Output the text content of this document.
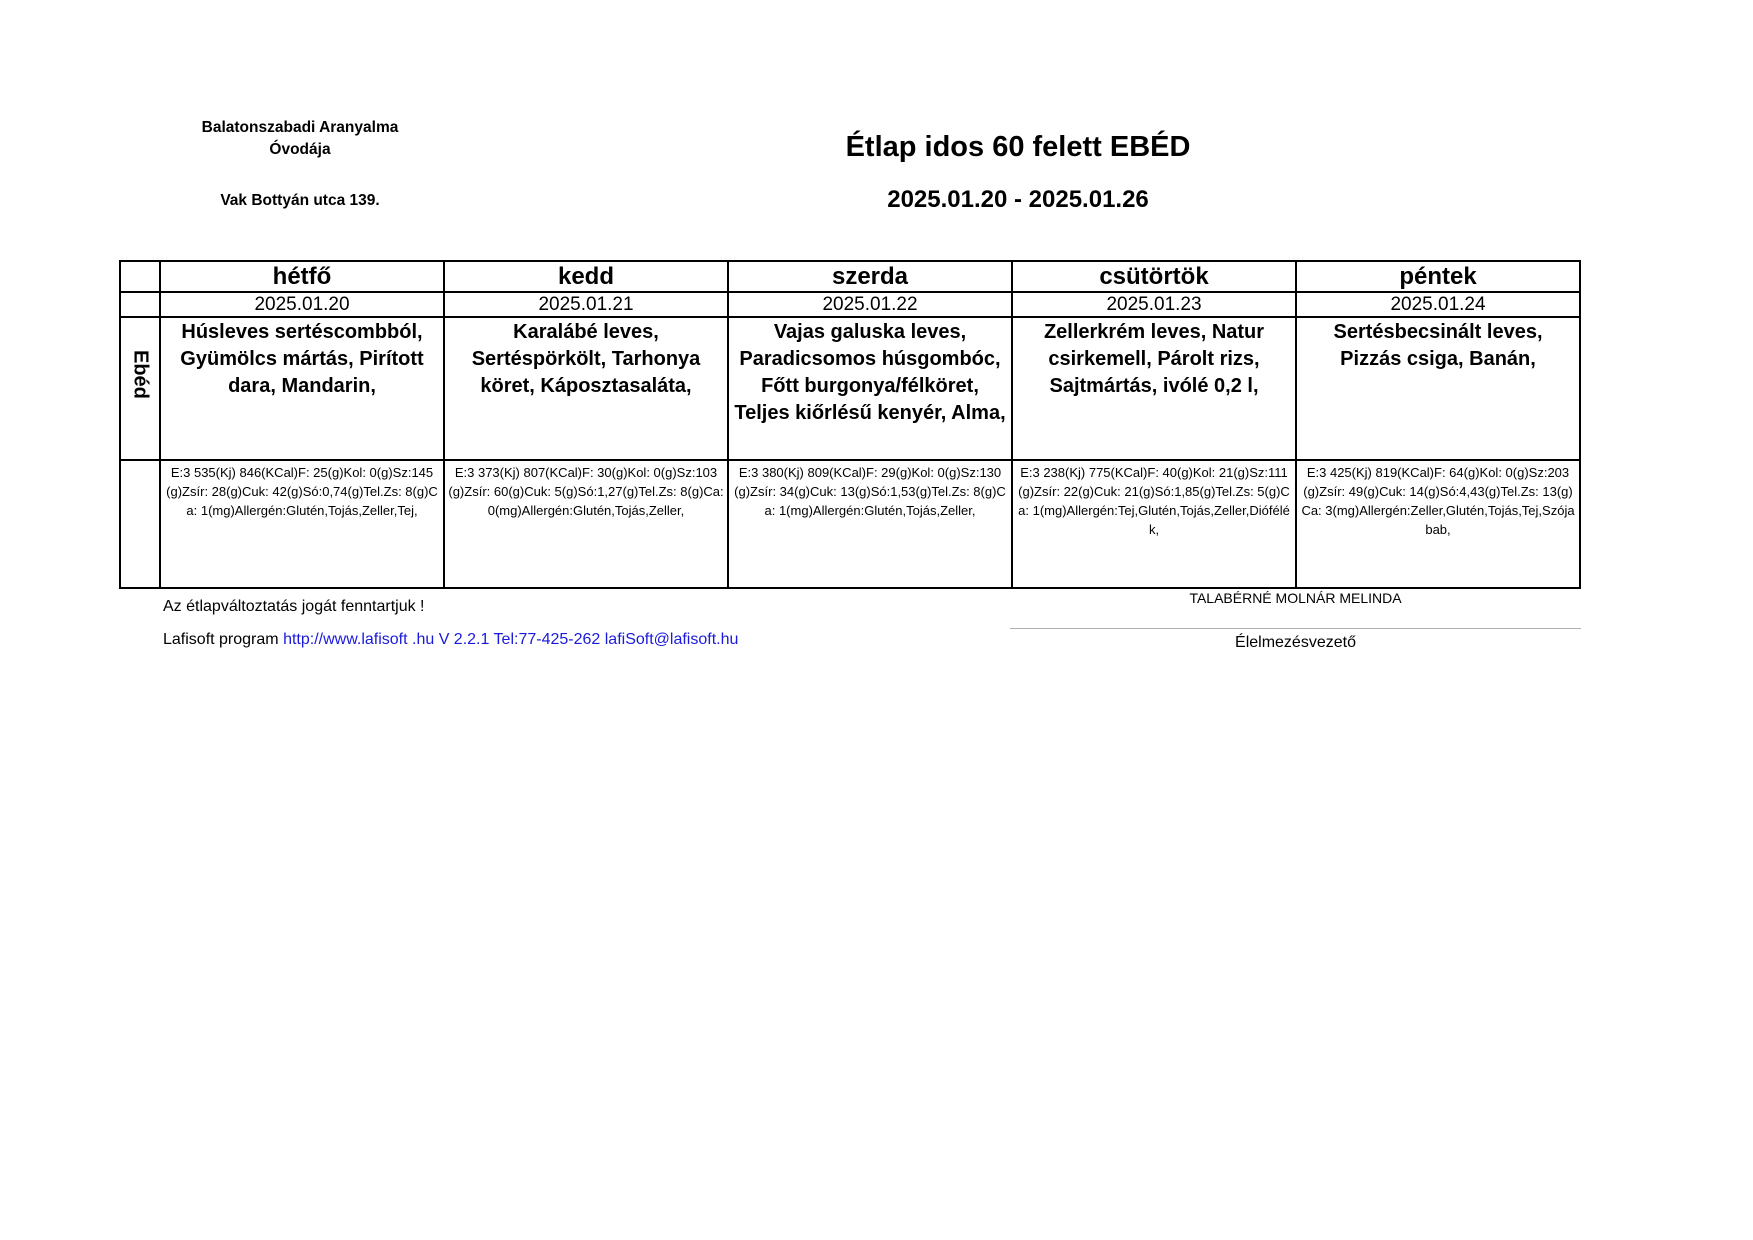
Balatonszabadi Aranyalma
Óvodája
Vak Bottyán utca 139.
Étlap idos 60 felett EBÉD
2025.01.20 - 2025.01.26
	hétfő	kedd	szerda	csütörtök	péntek
	2025.01.20	2025.01.21	2025.01.22	2025.01.23	2025.01.24
Ebéd	Húsleves sertéscombból, Gyümölcs mártás, Pirított dara, Mandarin,	Karalábé leves, Sertéspörkölt, Tarhonya köret, Káposztasaláta,	Vajas galuska leves, Paradicsomos húsgombóc, Főtt burgonya/félköret, Teljes kiőrlésű kenyér, Alma,	Zellerkrém leves, Natur csirkemell, Párolt rizs, Sajtmártás, ivólé 0,2 l,	Sertésbecsinált leves, Pizzás csiga, Banán,

	E:3 535(Kj) 846(KCal)F: 25(g)Kol: 0(g)Sz:145(g)Zsír: 28(g)Cuk: 42(g)Só:0,74(g)Tel.Zs: 8(g)Ca: 1(mg)Allergén:Glutén,Tojás,Zeller,Tej,	E:3 373(Kj) 807(KCal)F: 30(g)Kol: 0(g)Sz:103(g)Zsír: 60(g)Cuk: 5(g)Só:1,27(g)Tel.Zs: 8(g)Ca: 0(mg)Allergén:Glutén,Tojás,Zeller,	E:3 380(Kj) 809(KCal)F: 29(g)Kol: 0(g)Sz:130(g)Zsír: 34(g)Cuk: 13(g)Só:1,53(g)Tel.Zs: 8(g)Ca: 1(mg)Allergén:Glutén,Tojás,Zeller,	E:3 238(Kj) 775(KCal)F: 40(g)Kol: 21(g)Sz:111(g)Zsír: 22(g)Cuk: 21(g)Só:1,85(g)Tel.Zs: 5(g)Ca: 1(mg)Allergén:Tej,Glutén,Tojás,Zeller,Diófélék,	E:3 425(Kj) 819(KCal)F: 64(g)Kol: 0(g)Sz:203(g)Zsír: 49(g)Cuk: 14(g)Só:4,43(g)Tel.Zs: 13(g)Ca: 3(mg)Allergén:Zeller,Glutén,Tojás,Tej,Szójabab,
Az étlapváltoztatás jogát fenntartjuk !
Lafisoft program http://www.lafisoft .hu V 2.2.1 Tel:77-425-262 lafiSoft@lafisoft.hu
TALABÉRNÉ MOLNÁR MELINDA
Élelmezésvezető
